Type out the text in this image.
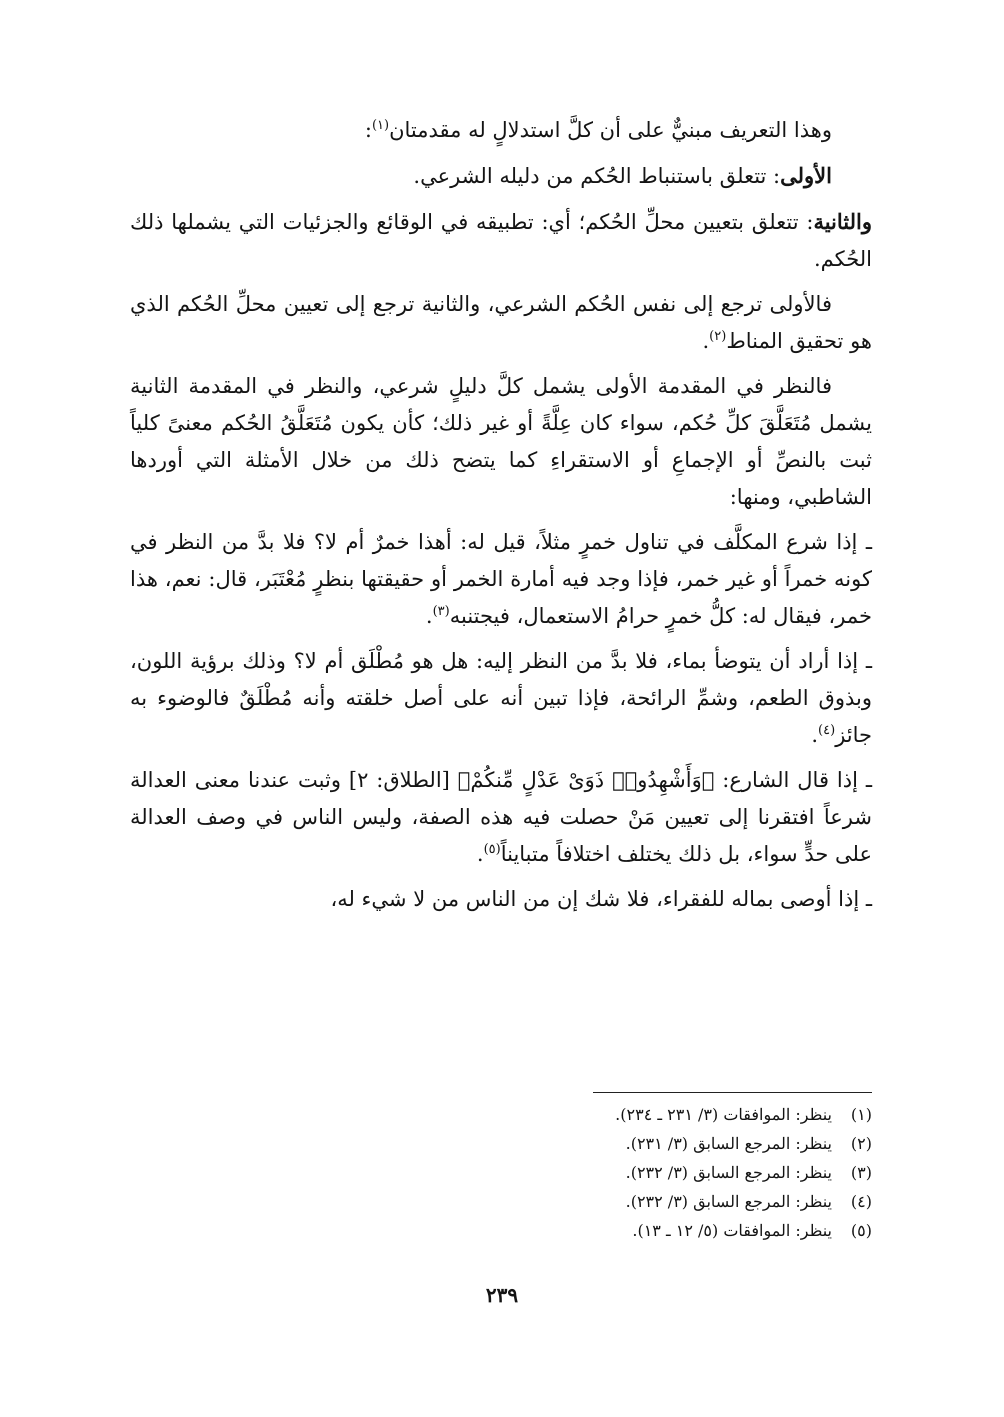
وهذا التعريف مبنيٌّ على أن كلَّ استدلالٍ له مقدمتان$^{(١)}$:

الأولى: تتعلق باستنباط الحُكم من دليله الشرعي.

والثانية: تتعلق بتعيين محلِّ الحُكم؛ أي: تطبيقه في الوقائع والجزئيات التي يشملها ذلك الحُكم.

فالأولى ترجع إلى نفس الحُكم الشرعي، والثانية ترجع إلى تعيين محلِّ الحُكم الذي هو تحقيق المناط$^{(٢)}$.

فالنظر في المقدمة الأولى يشمل كلَّ دليلٍ شرعي، والنظر في المقدمة الثانية يشمل مُتَعَلَّقَ كلِّ حُكم، سواء كان عِلَّةً أو غير ذلك؛ كأن يكون مُتَعَلَّقُ الحُكم معنىً كلياً ثبت بالنصِّ أو الإجماعِ أو الاستقراءِ كما يتضح ذلك من خلال الأمثلة التي أوردها الشاطبي، ومنها:

ـ إذا شرع المكلَّف في تناول خمرٍ مثلاً، قيل له: أهذا خمرٌ أم لا؟ فلا بدَّ من النظر في كونه خمراً أو غير خمر، فإذا وجد فيه أمارة الخمر أو حقيقتها بنظرٍ مُعْتَبَر، قال: نعم، هذا خمر، فيقال له: كلُّ خمرٍ حرامُ الاستعمال، فيجتنبه$^{(٣)}$.

ـ إذا أراد أن يتوضأ بماء، فلا بدَّ من النظر إليه: هل هو مُطْلَق أم لا؟ وذلك برؤية اللون، وبذوق الطعم، وشمِّ الرائحة، فإذا تبين أنه على أصل خلقته وأنه مُطْلَقٌ فالوضوء به جائز$^{(٤)}$.

ـ إذا قال الشارع: ﴿وَأَشْهِدُوا۟ ذَوَىْ عَدْلٍ مِّنكُمْ﴾ [الطلاق: ٢] وثبت عندنا معنى العدالة شرعاً افتقرنا إلى تعيين مَنْ حصلت فيه هذه الصفة، وليس الناس في وصف العدالة على حدٍّ سواء، بل ذلك يختلف اختلافاً متبايناً$^{(٥)}$.

ـ إذا أوصى بماله للفقراء، فلا شك إن من الناس من لا شيء له،

(١)
ينظر: الموافقات (٣/ ٢٣١ ـ ٢٣٤).
(٢)
ينظر: المرجع السابق (٣/ ٢٣١).
(٣)
ينظر: المرجع السابق (٣/ ٢٣٢).
(٤)
ينظر: المرجع السابق (٣/ ٢٣٢).
(٥)
ينظر: الموافقات (٥/ ١٢ ـ ١٣).
٢٣٩
